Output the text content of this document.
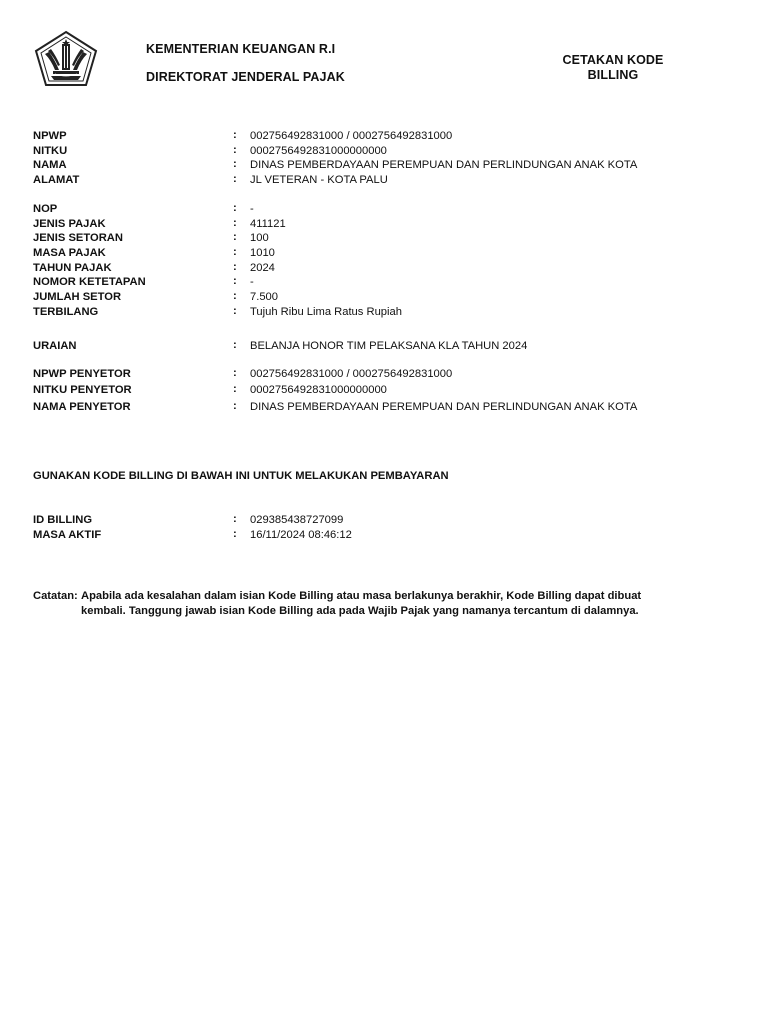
KEMENTERIAN KEUANGAN R.I
DIREKTORAT JENDERAL PAJAK
CETAKAN KODE
BILLING
NPWP	: 002756492831000 / 0002756492831000
NITKU	: 0002756492831000000000
NAMA	: DINAS PEMBERDAYAAN PEREMPUAN DAN PERLINDUNGAN ANAK KOTA
ALAMAT	: JL VETERAN - KOTA PALU
NOP	: -
JENIS PAJAK	: 411121
JENIS SETORAN	: 100
MASA PAJAK	: 1010
TAHUN PAJAK	: 2024
NOMOR KETETAPAN	: -
JUMLAH SETOR	: 7.500
TERBILANG	: Tujuh Ribu Lima Ratus Rupiah
URAIAN	: BELANJA HONOR TIM PELAKSANA KLA TAHUN 2024
NPWP PENYETOR	: 002756492831000 / 0002756492831000
NITKU PENYETOR	: 0002756492831000000000
NAMA PENYETOR	: DINAS PEMBERDAYAAN PEREMPUAN DAN PERLINDUNGAN ANAK KOTA
GUNAKAN KODE BILLING DI BAWAH INI UNTUK MELAKUKAN PEMBAYARAN
ID BILLING	: 029385438727099
MASA AKTIF	: 16/11/2024 08:46:12
Catatan: Apabila ada kesalahan dalam isian Kode Billing atau masa berlakunya berakhir, Kode Billing dapat dibuat
kembali. Tanggung jawab isian Kode Billing ada pada Wajib Pajak yang namanya tercantum di dalamnya.
